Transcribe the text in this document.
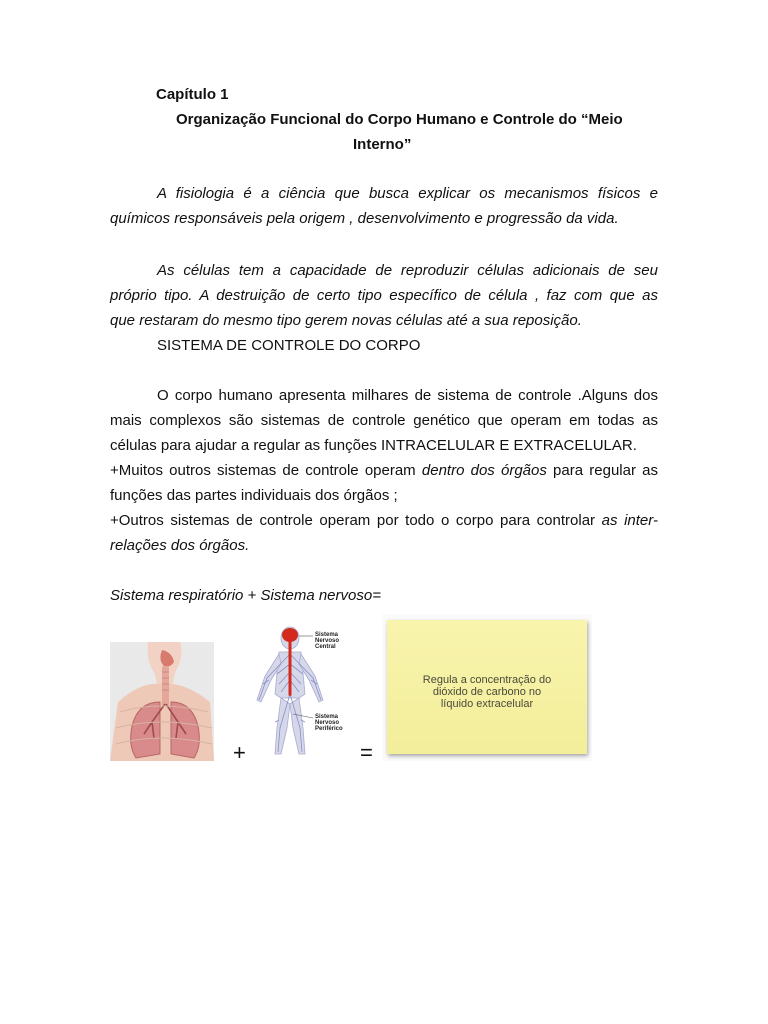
Capítulo 1
Organização Funcional do Corpo Humano e Controle do “Meio
Interno”
A fisiologia é a ciência que busca explicar os mecanismos físicos e
químicos responsáveis pela origem , desenvolvimento e progressão da vida.
As células tem a capacidade de reproduzir células adicionais de seu
próprio tipo. A destruição de certo tipo específico de célula , faz com que as
que restaram do mesmo tipo gerem novas células até a sua reposição.
SISTEMA DE CONTROLE DO CORPO
O corpo humano apresenta milhares de sistema de controle .Alguns dos
mais complexos são sistemas de controle genético que operam em todas as
células para ajudar a regular as funções INTRACELULAR E EXTRACELULAR.
+Muitos outros sistemas de controle operam dentro dos órgãos para regular as
funções das partes individuais dos órgãos ;
+Outros sistemas de controle operam por todo o corpo para controlar as inter-
relações dos órgãos.
Sistema respiratório + Sistema nervoso=
+
Sistema
Nervoso
Central
Sistema
Nervoso
Periférico
=
Regula a concentração do
dióxido de carbono no
líquido extracelular
